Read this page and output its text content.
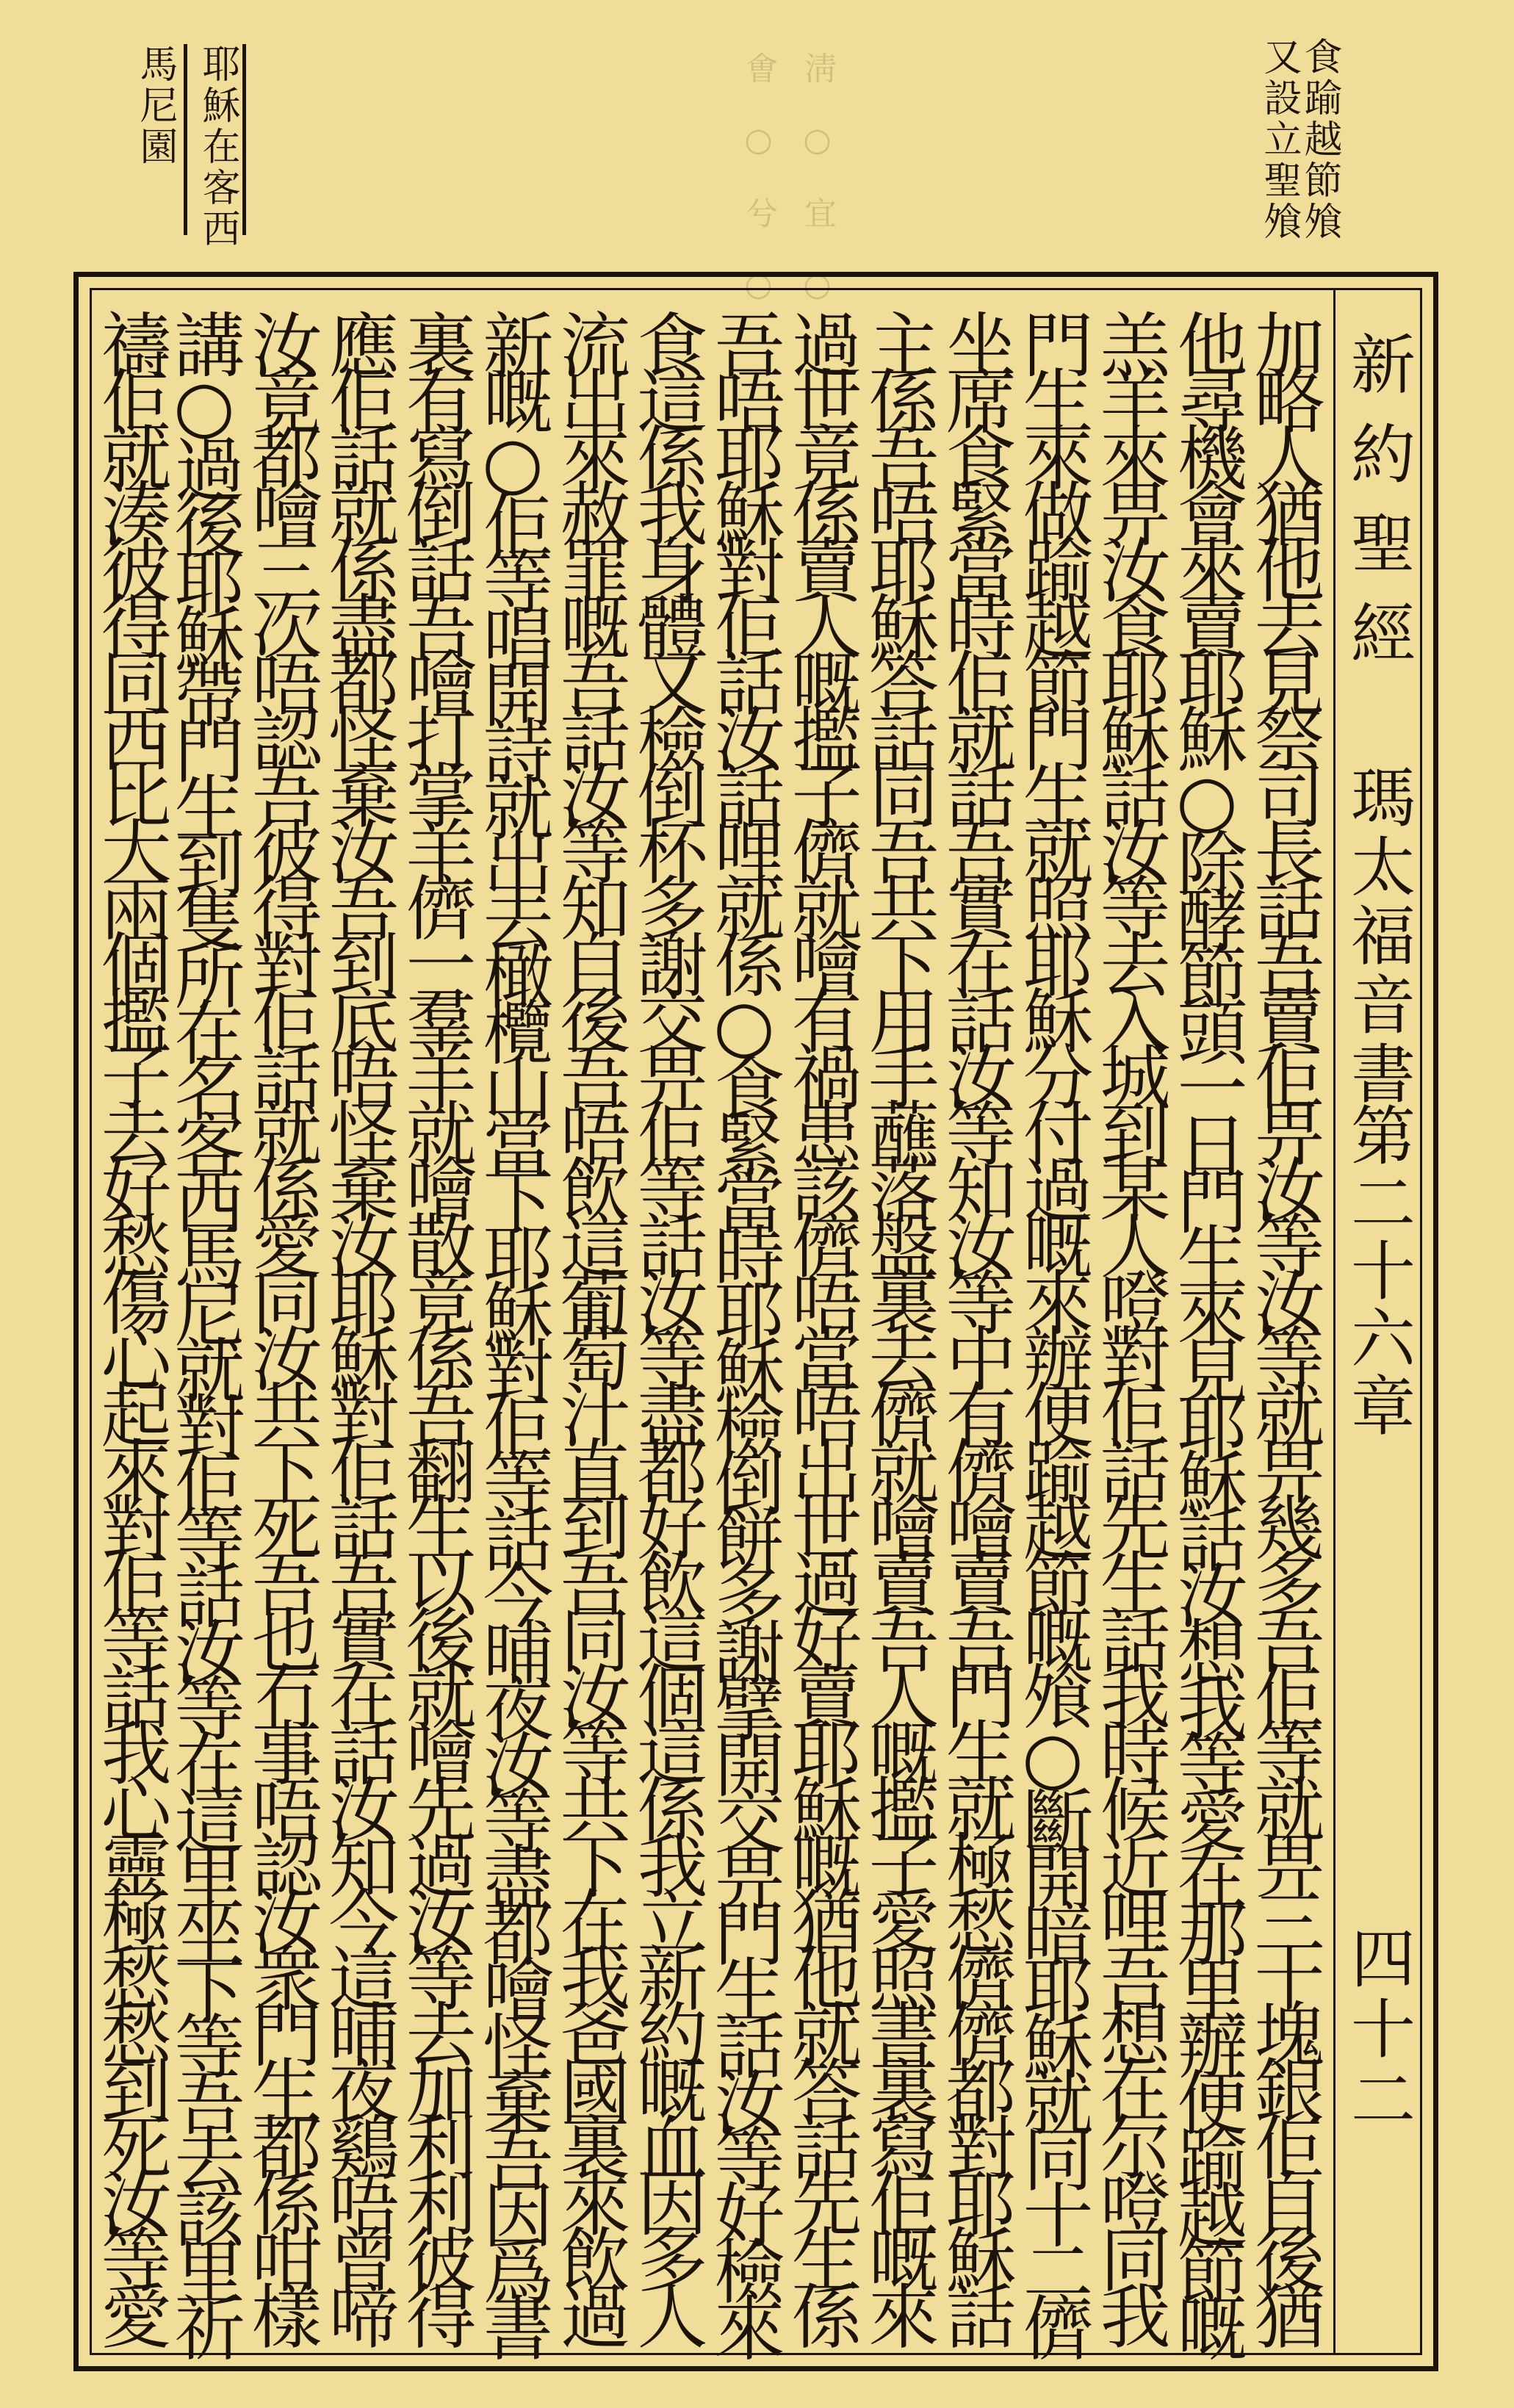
食踰越節飧
又設立聖飧
耶穌在客西
馬尼園	淸 ○ 宜 ○
㑹 ○ 兮 ○
新約聖經
瑪太福音書
第二十六章
四十二
加略人猶他去見祭司長話吾賣佢畀汝等汝等就畀幾多吾佢等就畀三十塊銀佢自後猶
他尋機會來賣耶穌○除酵節頭一日門生來見耶穌話汝想我等愛在那里辦便踰越節嘅
羔羊來畀汝食耶穌話汝等去入城到某人噔對佢話先生話我時候近哩吾想在尔噔同我
門生來做踰越節門生就照耶穌分付過嘅來辦便踰越節嘅飧○斷開暗耶穌就同十二儕
坐席食緊當時佢就話吾實在話汝等知汝等中有儕噲賣吾門生就極愁儕儕都對耶穌話
主係吾唔耶穌答話同吾共下用手蘸落盤裏去儕就噲賣吾人嘅㩜子愛照書裏寫佢嘅來
過世竟係賣人嘅㩜子儕就噲有禍患該儕唔當唔出世過好賣耶穌嘅猶他就答話先生係
吾唔耶穌對佢話汝話哩就係○食緊當時耶穌檢倒餅多謝擘開交畀門生話汝等好檢來
食這係我身體又檢倒杯多謝交畀佢等話汝等盡都好飲這個這係我立新約嘅血因多人
流出來赦罪嘅吾話汝等知自後吾唔飲這葡萄汁直到吾同汝等共下在我爸國裏來飲過
新嘅○佢等唱開詩就出去橄欖山當下耶穌對佢等話今晡夜汝等盡都噲怪棄吾因爲書
裏有寫倒話吾噲打掌羊儕一羣羊就噲散竟係吾翻生以後就噲先過汝等去加利利彼得
應佢話就係盡都怪棄汝吾到底唔怪棄汝耶穌對佢話吾實在話汝知今這晡夜鷄唔曾啼
汝竟都噲三次唔認吾彼得對佢話就係愛同汝共下死吾也冇事唔認汝衆門生都係咁樣
講○過後耶穌帶門生到隻所在名客西馬尼就對佢等話汝等在這里坐下等吾去該里祈
禱佢就湊彼得同西比大兩個㩜子去好愁傷心起來對佢等話我心靈極愁愁到死汝等愛
